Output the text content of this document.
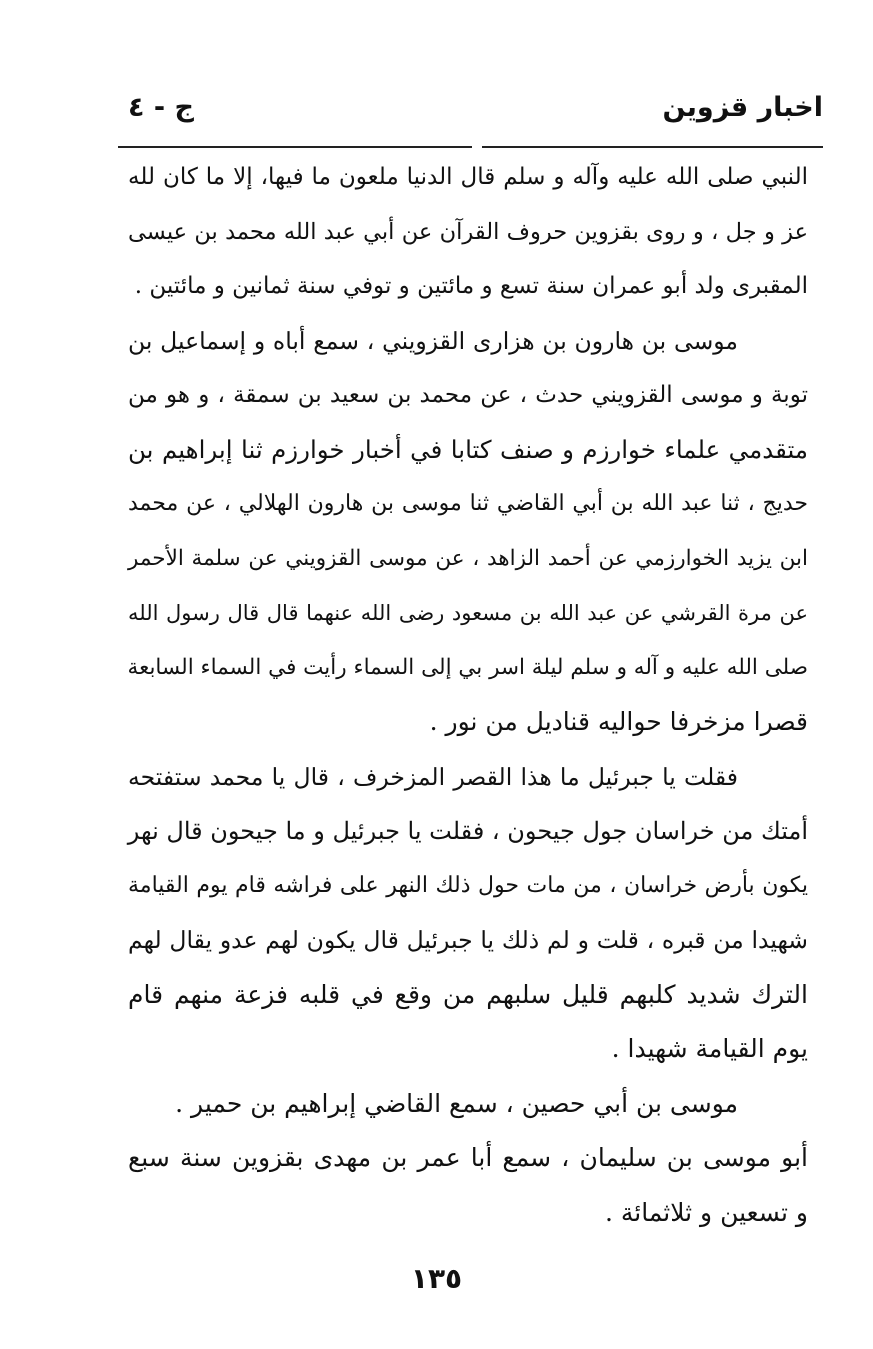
اخبار قزوين
ج - ٤
النبي صلى الله عليه وآله و سلم قال الدنيا ملعون ما فيها، إلا ما كان لله
عز و جل ، و روى بقزوين حروف القرآن عن أبي عبد الله محمد بن عيسى
المقبرى ولد أبو عمران سنة تسع و مائتين و توفي سنة ثمانين و مائتين .
موسى بن هارون بن هزارى القزويني ، سمع أباه و إسماعيل بن
توبة و موسى القزويني حدث ، عن محمد بن سعيد بن سمقة ، و هو من
متقدمي علماء خوارزم و صنف كتابا في أخبار خوارزم ثنا إبراهيم بن
حديج ، ثنا عبد الله بن أبي القاضي ثنا موسى بن هارون الهلالي ، عن محمد
ابن يزيد الخوارزمي عن أحمد الزاهد ، عن موسى القزويني عن سلمة الأحمر
عن مرة القرشي عن عبد الله بن مسعود رضى الله عنهما قال قال رسول الله
صلى الله عليه و آله و سلم ليلة اسر بي إلى السماء رأيت في السماء السابعة
قصرا مزخرفا حواليه قناديل من نور .
فقلت يا جبرئيل ما هذا القصر المزخرف ، قال يا محمد ستفتحه
أمتك من خراسان جول جيحون ، فقلت يا جبرئيل و ما جيحون قال نهر
يكون بأرض خراسان ، من مات حول ذلك النهر على فراشه قام يوم القيامة
شهيدا من قبره ، قلت و لم ذلك يا جبرئيل قال يكون لهم عدو يقال لهم
الترك شديد كلبهم قليل سلبهم من وقع في قلبه فزعة منهم قام
يوم القيامة شهيدا .
موسى بن أبي حصين ، سمع القاضي إبراهيم بن حمير .
أبو موسى بن سليمان ، سمع أبا عمر بن مهدى بقزوين سنة سبع
و تسعين و ثلاثمائة .
١٣٥
